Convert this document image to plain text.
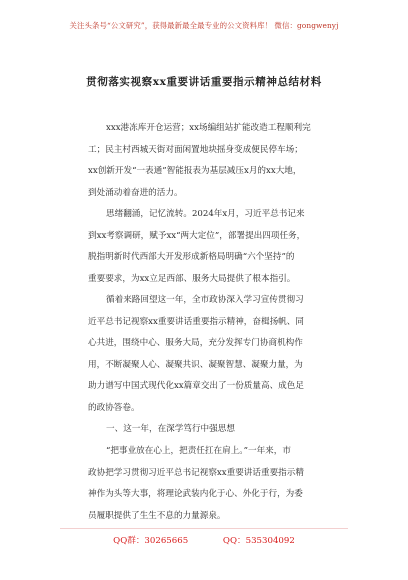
关注头条号“公文研究”，获得最新最全最专业的公文资料库！ 微信：gongwenyj
贯彻落实视察xx重要讲话重要指示精神总结材料
xxx港冻库开仓运营；xx场编组站扩能改造工程顺利完
工；民主村西城天街对面闲置地块摇身变成便民停车场；
xx创新开发“一表通”智能报表为基层减压x月的xx大地，
到处涌动着奋进的活力。
思绪翻涌，记忆流转。2024年x月，习近平总书记来
到xx考察调研，赋予xx“两大定位”，部署提出四项任务，
脱指明新时代西部大开发形成新格局明确“六个坚持”的
重要要求，为xx立足西部、服务大局提供了根本指引。
循着来路回望这一年，全市政协深入学习宣传贯彻习
近平总书记视察xx重要讲话重要指示精神，奋楫扬帆、同
心共进，围绕中心、服务大局，充分发挥专门协商机构作
用，不断凝聚人心、凝聚共识、凝聚智慧、凝聚力量，为
助力谱写中国式现代化xx篇章交出了一份质量高、成色足
的政协答卷。
一、这一年，在深学笃行中强思想
“把事业放在心上，把责任扛在肩上。”一年来，市
政协把学习贯彻习近平总书记视察xx重要讲话重要指示精
神作为头等大事，将理论武装内化于心、外化于行，为委
员履职提供了生生不息的力量源泉。
QQ群：30265665	QQ：535304092
